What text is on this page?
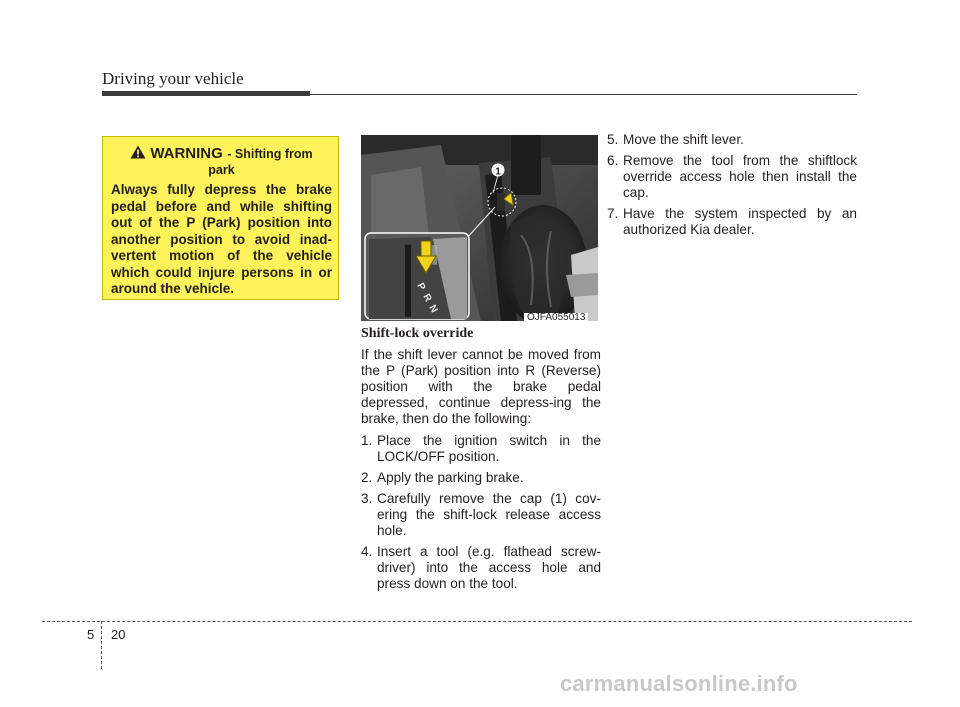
Driving your vehicle
WARNING - Shifting from
park

Always fully depress the brake pedal before and while shifting out of the P (Park) position into another position to avoid inad-vertent motion of the vehicle which could injure persons in or around the vehicle.

1
P
R
N
OJFA055013
Shift-lock override

If the shift lever cannot be moved from the P (Park) position into R (Reverse) position with the brake pedal depressed, continue depress-ing the brake, then do the following:

1. Place the ignition switch in the LOCK/OFF position.
2. Apply the parking brake.
3. Carefully remove the cap (1) cov-ering the shift-lock release access hole.
4. Insert a tool (e.g. flathead screw-driver) into the access hole and press down on the tool.
5. Move the shift lever.
6. Remove the tool from the shiftlock override access hole then install the cap.
7. Have the system inspected by an authorized Kia dealer.
5 20
carmanualsonline.info
